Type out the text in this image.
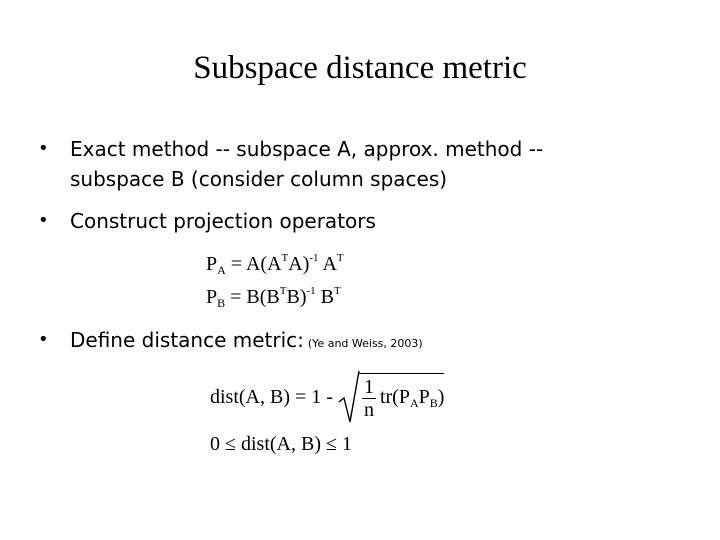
Subspace distance metric
• Exact method -- subspace A, approx. method --
subspace B (consider column spaces)
• Construct projection operators
$P_A = A(A^TA)^{-1}$ $A^T$
$P_B = B(B^TB)^{-1}$ $B^T$
• Define distance metric: (Ye and Weiss, 2003)
dist(A, $B) = 1 - \frac{1}{n} tr(P_AP_B)$
0 ≤ dist(A, B) ≤ 1
